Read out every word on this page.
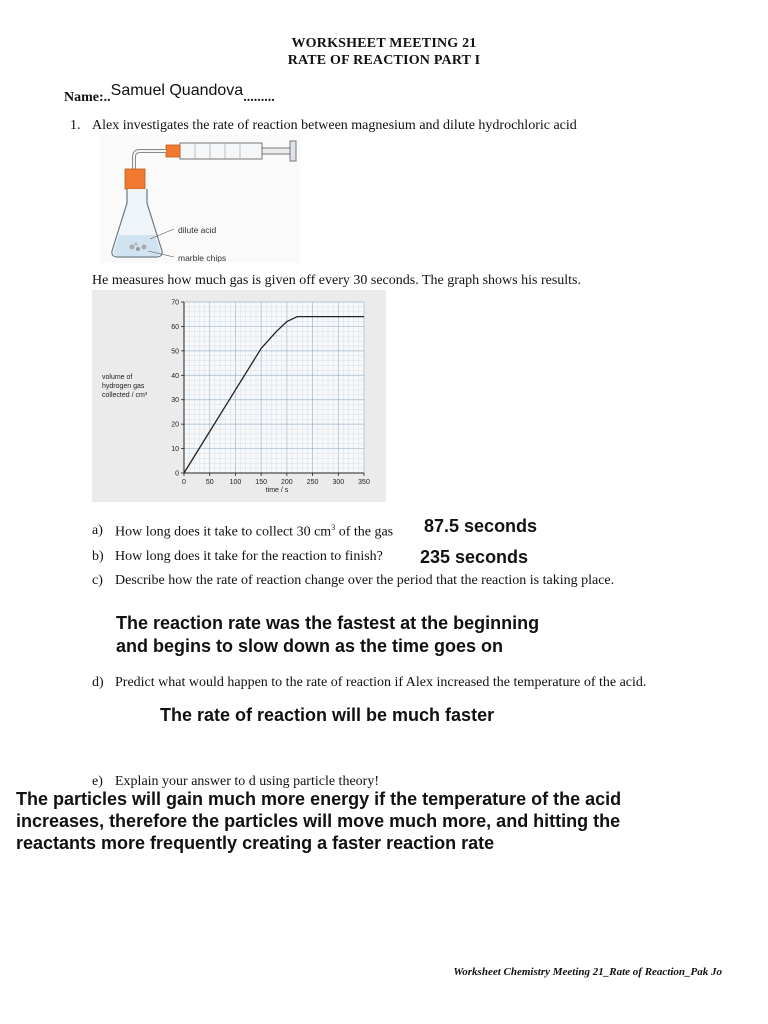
WORKSHEET MEETING 21
RATE OF REACTION PART I
Name:..Samuel Quandova.........
1. Alex investigates the rate of reaction between magnesium and dilute hydrochloric acid
dilute acid
marble chips
He measures how much gas is given off every 30 seconds. The graph shows his results.
0	50 100 150 200 250 300 350
0
10
20
30
40
50
60
70
volume of hydrogen gas collected / cm³
time / s
a) How long does it take to collect 30 $cm^3$ of the gas 87.5 seconds
b) How long does it take for the reaction to finish? 235 seconds
c) Describe how the rate of reaction change over the period that the reaction is taking place.
The reaction rate was the fastest at the beginning
and begins to slow down as the time goes on
d) Predict what would happen to the rate of reaction if Alex increased the temperature of the acid.
The rate of reaction will be much faster
e) Explain your answer to d using particle theory!
The particles will gain much more energy if the temperature of the acid
increases, therefore the particles will move much more, and hitting the
reactants more frequently creating a faster reaction rate
Worksheet Chemistry Meeting 21_Rate of Reaction_Pak Jo
